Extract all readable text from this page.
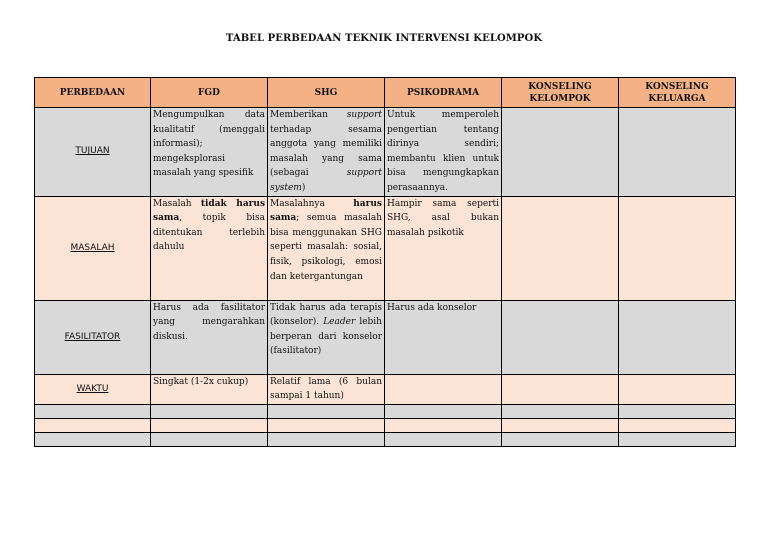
TABEL PERBEDAAN TEKNIK INTERVENSI KELOMPOK
PERBEDAAN	FGD	SHG	PSIKODRAMA	KONSELING KELOMPOK	KONSELING KELUARGA
TUJUAN	Mengumpulkan data kualitatif (menggali informasi); mengeksplorasi masalah yang spesifik	Memberikan support terhadap sesama anggota yang memiliki masalah yang sama (sebagai support system)	Untuk memperoleh pengertian tentang dirinya sendiri; membantu klien untuk bisa mengungkapkan perasaannya.		
MASALAH	Masalah tidak harus sama, topik bisa ditentukan terlebih dahulu	Masalahnya harus sama; semua masalah bisa menggunakan SHG seperti masalah: sosial, fisik, psikologi, emosi dan ketergantungan	Hampir sama seperti SHG, asal bukan masalah psikotik		
FASILITATOR	Harus ada fasilitator yang mengarahkan diskusi.	Tidak harus ada terapis (konselor). Leader lebih berperan dari konselor (fasilitator)	Harus ada konselor		
WAKTU	Singkat (1-2x cukup)	Relatif lama (6 bulan sampai 1 tahun)			
